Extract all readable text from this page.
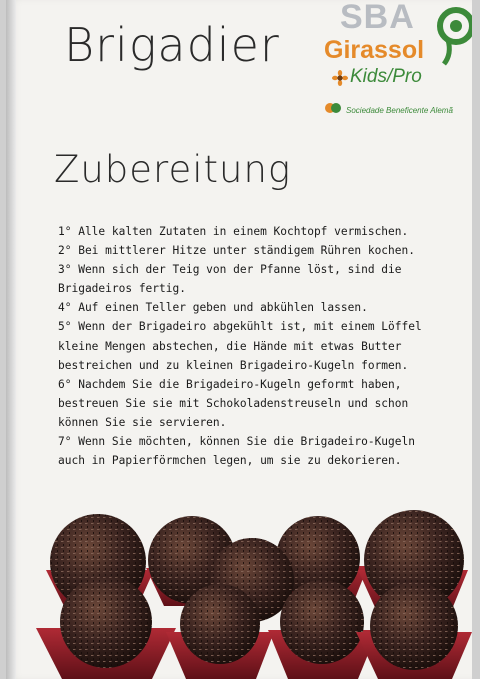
Brigadier
SBA
Girassol
Kids/Pro
Sociedade Beneficente Alemã
Zubereitung
1° Alle kalten Zutaten in einem Kochtopf vermischen.
2° Bei mittlerer Hitze unter ständigem Rühren kochen.
3° Wenn sich der Teig von der Pfanne löst, sind die
Brigadeiros fertig.
4° Auf einen Teller geben und abkühlen lassen.
5° Wenn der Brigadeiro abgekühlt ist, mit einem Löffel
kleine Mengen abstechen, die Hände mit etwas Butter
bestreichen und zu kleinen Brigadeiro-Kugeln formen.
6° Nachdem Sie die Brigadeiro-Kugeln geformt haben,
bestreuen Sie sie mit Schokoladenstreuseln und schon
können Sie sie servieren.
7° Wenn Sie möchten, können Sie die Brigadeiro-Kugeln
auch in Papierförmchen legen, um sie zu dekorieren.
